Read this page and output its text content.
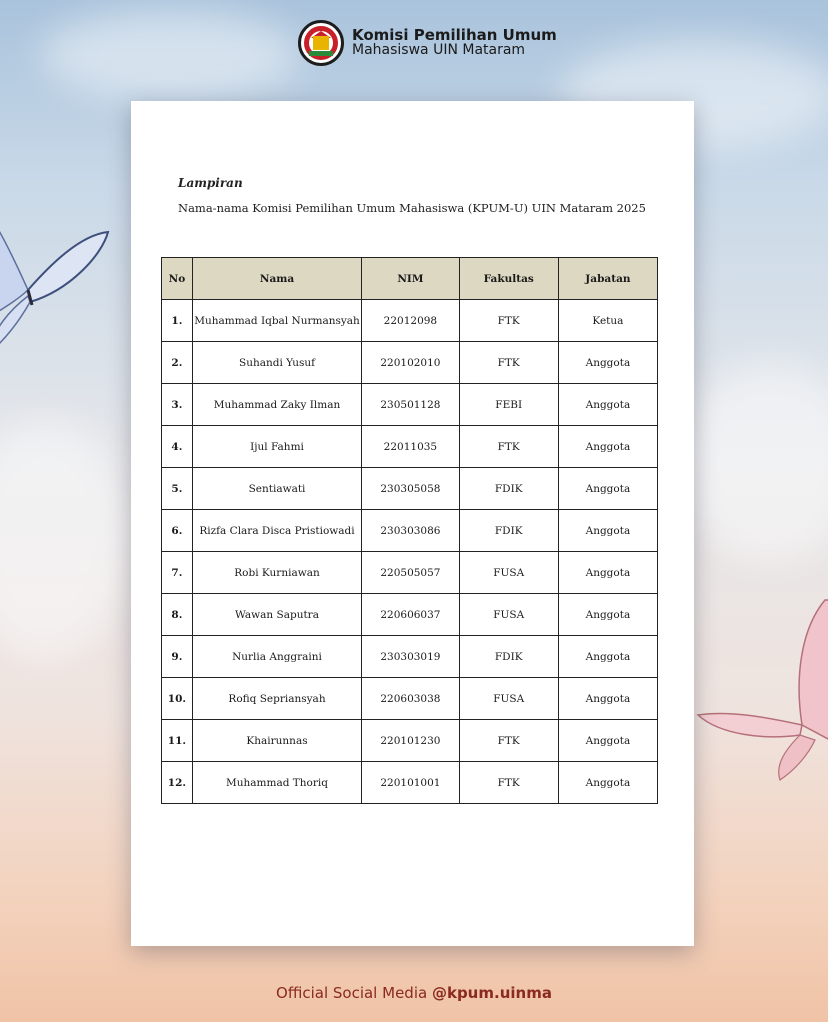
Komisi Pemilihan Umum
Mahasiswa UIN Mataram
Lampiran
Nama-nama Komisi Pemilihan Umum Mahasiswa (KPUM-U) UIN Mataram 2025
No	Nama	NIM	Fakultas	Jabatan
1.	Muhammad Iqbal Nurmansyah	22012098	FTK	Ketua
2.	Suhandi Yusuf	220102010	FTK	Anggota
3.	Muhammad Zaky Ilman	230501128	FEBI	Anggota
4.	Ijul Fahmi	22011035	FTK	Anggota
5.	Sentiawati	230305058	FDIK	Anggota
6.	Rizfa Clara Disca Pristiowadi	230303086	FDIK	Anggota
7.	Robi Kurniawan	220505057	FUSA	Anggota
8.	Wawan Saputra	220606037	FUSA	Anggota
9.	Nurlia Anggraini	230303019	FDIK	Anggota
10.	Rofiq Sepriansyah	220603038	FUSA	Anggota
11.	Khairunnas	220101230	FTK	Anggota
12.	Muhammad Thoriq	220101001	FTK	Anggota
Official Social Media @kpum.uinma
